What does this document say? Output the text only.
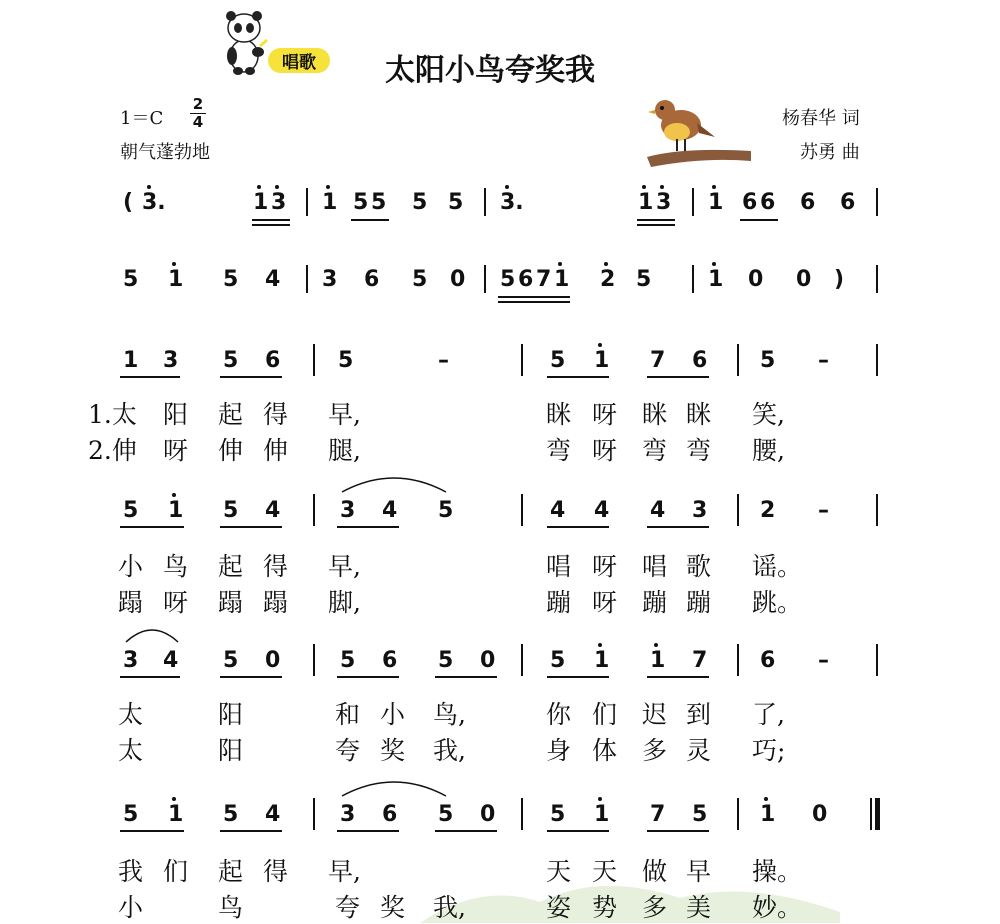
唱歌	太阳小鸟夸奖我
1＝C
2
4
朝气蓬勃地
杨春华 词
苏勇 曲
( 3.	1 3 1 5 5 5 5 3.	1 3 1 6 6 6 6
5 1 5 4 3 6 5 0 5 6 7 1 2 5	1 0 0 )
1 3 5 6	5	–	5 1 7 6 5 –
1.太 阳 起 得 早,	眯 呀 眯 眯 笑,
2.伸 呀 伸 伸 腿,	弯 呀 弯 弯 腰,
5 1 5 4	3 4 5	4 4 4 3 2 –
小 鸟 起 得 早,	唱 呀 唱 歌 谣。
蹋 呀 蹋 蹋 脚,	蹦 呀 蹦 蹦 跳。
3 4 5 0	5 6 5 0 5 1 1 7 6 –
太	阳	和 小 鸟,	你 们 迟 到 了,
太	阳	夸 奖 我,	身 体 多 灵 巧;
5 1 5 4	3 6 5 0 5 1 7 5 1 0
我 们 起 得 早,	天 天 做 早 操。
小	鸟	夸 奖 我,	姿 势 多 美 妙。
